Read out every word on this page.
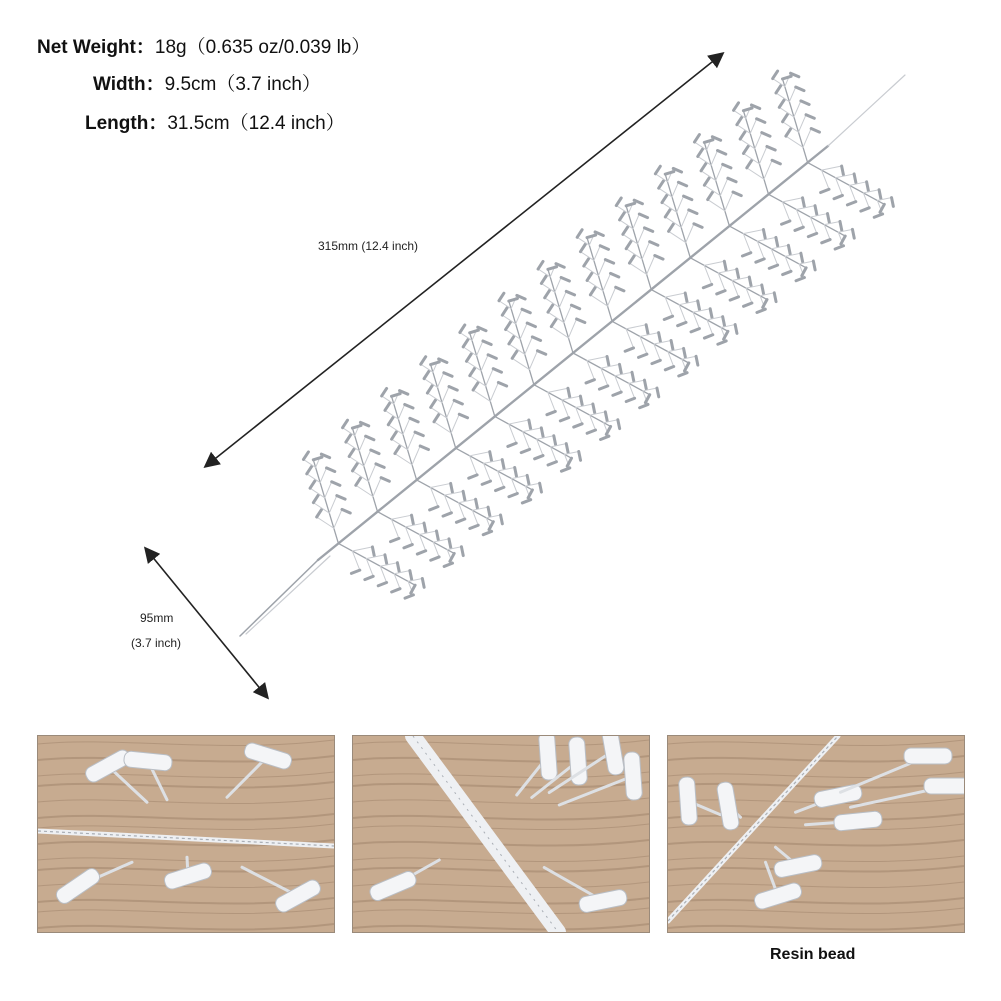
Net Weight：18g（0.635 oz/0.039 lb）
Width：9.5cm（3.7 inch）
Length：31.5cm（12.4 inch）
315mm (12.4 inch)
95mm
(3.7 inch)
Resin bead
